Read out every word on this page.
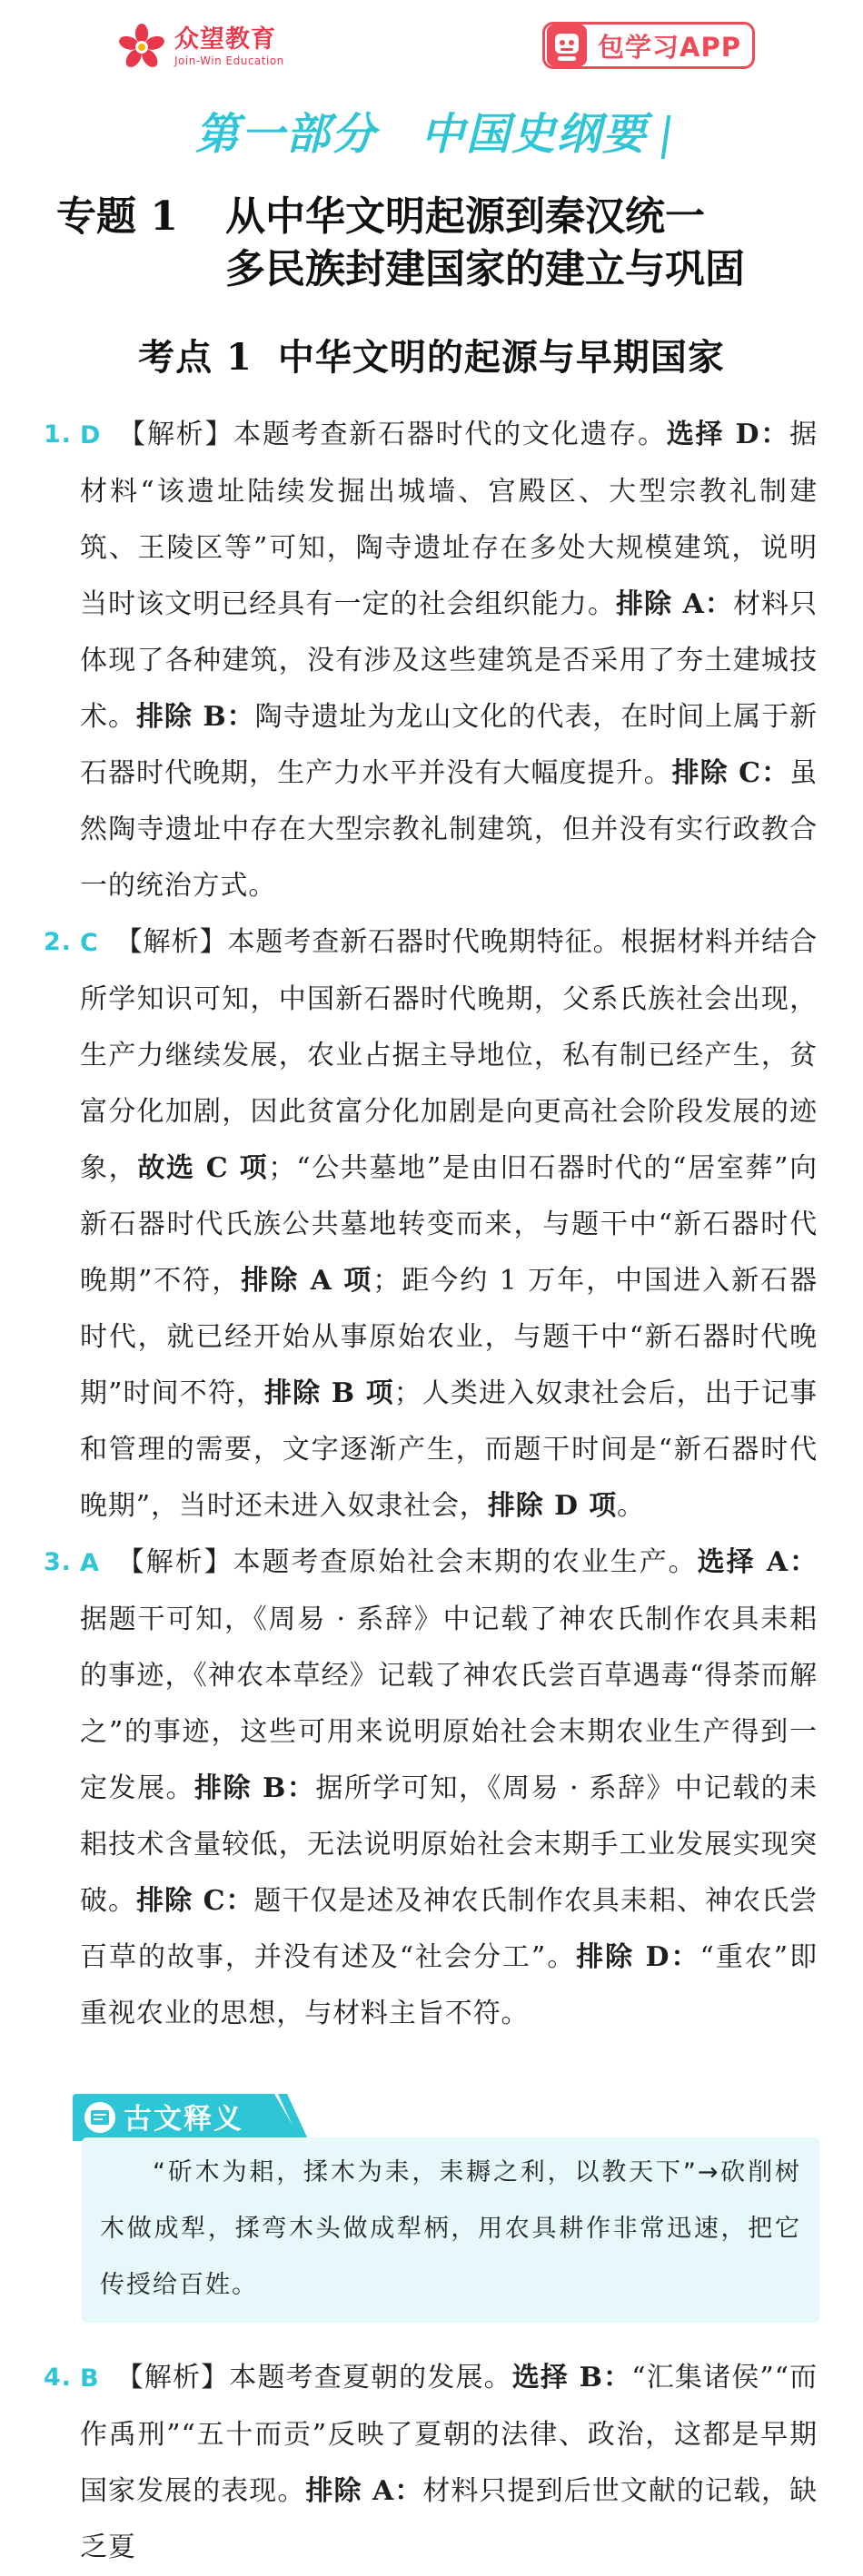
众望教育
Join-Win Education	包学习APP
第一部分 中国史纲要
专题 1 从中华文明起源到秦汉统一
多民族封建国家的建立与巩固
考点 1 中华文明的起源与早期国家
1. D 【解析】本题考查新石器时代的文化遗存。选择 D：据材料“该遗址陆续发掘出城墙、宫殿区、大型宗教礼制建筑、王陵区等”可知，陶寺遗址存在多处大规模建筑，说明当时该文明已经具有一定的社会组织能力。排除 A：材料只体现了各种建筑，没有涉及这些建筑是否采用了夯土建城技术。排除 B：陶寺遗址为龙山文化的代表，在时间上属于新石器时代晚期，生产力水平并没有大幅度提升。排除 C：虽然陶寺遗址中存在大型宗教礼制建筑，但并没有实行政教合一的统治方式。
2. C 【解析】本题考查新石器时代晚期特征。根据材料并结合所学知识可知，中国新石器时代晚期，父系氏族社会出现，生产力继续发展，农业占据主导地位，私有制已经产生，贫富分化加剧，因此贫富分化加剧是向更高社会阶段发展的迹象，故选 C 项；“公共墓地”是由旧石器时代的“居室葬”向新石器时代氏族公共墓地转变而来，与题干中“新石器时代晚期”不符，排除 A 项；距今约 1 万年，中国进入新石器时代，就已经开始从事原始农业，与题干中“新石器时代晚期”时间不符，排除 B 项；人类进入奴隶社会后，出于记事和管理的需要，文字逐渐产生，而题干时间是“新石器时代晚期”，当时还未进入奴隶社会，排除 D 项。
3. A 【解析】本题考查原始社会末期的农业生产。选择 A：据题干可知，《周易 · 系辞》中记载了神农氏制作农具耒耜的事迹，《神农本草经》记载了神农氏尝百草遇毒“得荼而解之”的事迹，这些可用来说明原始社会末期农业生产得到一定发展。排除 B：据所学可知，《周易 · 系辞》中记载的耒耜技术含量较低，无法说明原始社会末期手工业发展实现突破。排除 C：题干仅是述及神农氏制作农具耒耜、神农氏尝百草的故事，并没有述及“社会分工”。排除 D：“重农”即重视农业的思想，与材料主旨不符。
古文释义
“斫木为耜，揉木为耒，耒耨之利，以教天下”→砍削树木做成犁，揉弯木头做成犁柄，用农具耕作非常迅速，把它传授给百姓。
4. B 【解析】本题考查夏朝的发展。选择 B：“汇集诸侯”“而作禹刑”“五十而贡”反映了夏朝的法律、政治，这都是早期国家发展的表现。排除 A：材料只提到后世文献的记载，缺乏夏
